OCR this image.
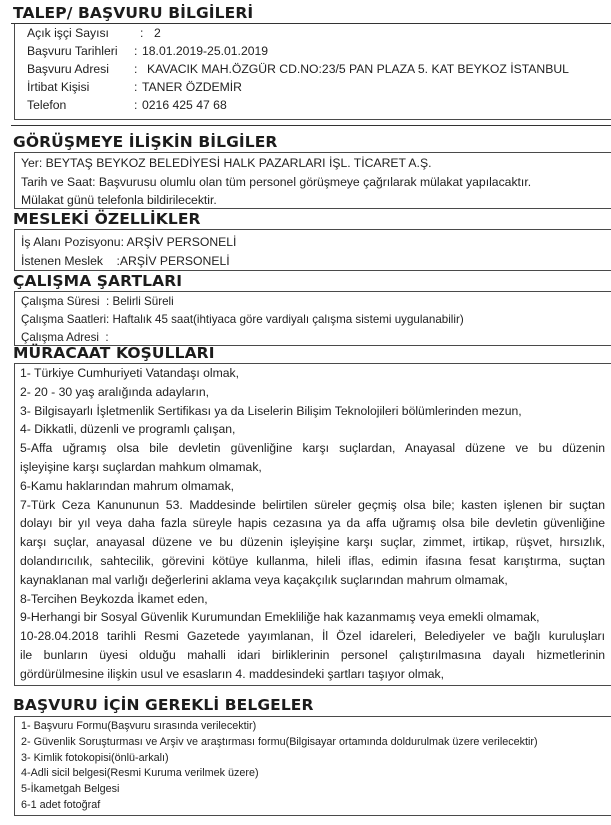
TALEP/ BAŞVURU BİLGİLERİ
Açık işçi Sayısı	: 2
Başvuru Tarihleri : 18.01.2019-25.01.2019
Başvuru Adresi : KAVACIK MAH.ÖZGÜR CD.NO:23/5 PAN PLAZA 5. KAT BEYKOZ İSTANBUL
İrtibat Kişisi	: TANER ÖZDEMİR
Telefon	: 0216 425 47 68
GÖRÜŞMEYE İLİŞKİN BİLGİLER
Yer: BEYTAŞ BEYKOZ BELEDİYESİ HALK PAZARLARI İŞL. TİCARET A.Ş.
Tarih ve Saat: Başvurusu olumlu olan tüm personel görüşmeye çağrılarak mülakat yapılacaktır.
Mülakat günü telefonla bildirilecektir.
MESLEKİ ÖZELLİKLER
İş Alanı Pozisyonu: ARŞİV PERSONELİ
İstenen Meslek    :ARŞİV PERSONELİ
ÇALIŞMA ŞARTLARI
Çalışma Süresi  : Belirli Süreli
Çalışma Saatleri: Haftalık 45 saat(ihtiyaca göre vardiyalı çalışma sistemi uygulanabilir)
Çalışma Adresi  :
MÜRACAAT KOŞULLARI
1- Türkiye Cumhuriyeti Vatandaşı olmak,
2- 20 - 30 yaş aralığında adayların,
3- Bilgisayarlı İşletmenlik Sertifikası ya da Liselerin Bilişim Teknolojileri bölümlerinden mezun,
4- Dikkatli, düzenli ve programlı çalışan,
5-Affa uğramış olsa bile devletin güvenliğine karşı suçlardan, Anayasal düzene ve bu düzenin
işleyişine karşı suçlardan mahkum olmamak,
6-Kamu haklarından mahrum olmamak,
7-Türk Ceza Kanununun 53. Maddesinde belirtilen süreler geçmiş olsa bile; kasten işlenen bir suçtan
dolayı bir yıl veya daha fazla süreyle hapis cezasına ya da affa uğramış olsa bile devletin güvenliğine
karşı suçlar, anayasal düzene ve bu düzenin işleyişine karşı suçlar, zimmet, irtikap, rüşvet, hırsızlık,
dolandırıcılık, sahtecilik, görevini kötüye kullanma, hileli iflas, edimin ifasına fesat karıştırma, suçtan
kaynaklanan mal varlığı değerlerini aklama veya kaçakçılık suçlarından mahrum olmamak,
8-Tercihen Beykozda İkamet eden,
9-Herhangi bir Sosyal Güvenlik Kurumundan Emekliliğe hak kazanmamış veya emekli olmamak,
10-28.04.2018 tarihli Resmi Gazetede yayımlanan, İl Özel idareleri, Belediyeler ve bağlı kuruluşları
ile bunların üyesi olduğu mahalli idari birliklerinin personel çalıştırılmasına dayalı hizmetlerinin
gördürülmesine ilişkin usul ve esasların 4. maddesindeki şartları taşıyor olmak,
BAŞVURU İÇİN GEREKLİ BELGELER
1- Başvuru Formu(Başvuru sırasında verilecektir)
2- Güvenlik Soruşturması ve Arşiv ve araştırması formu(Bilgisayar ortamında doldurulmak üzere verilecektir)
3- Kimlik fotokopisi(önlü-arkalı)
4-Adli sicil belgesi(Resmi Kuruma verilmek üzere)
5-İkametgah Belgesi
6-1 adet fotoğraf
